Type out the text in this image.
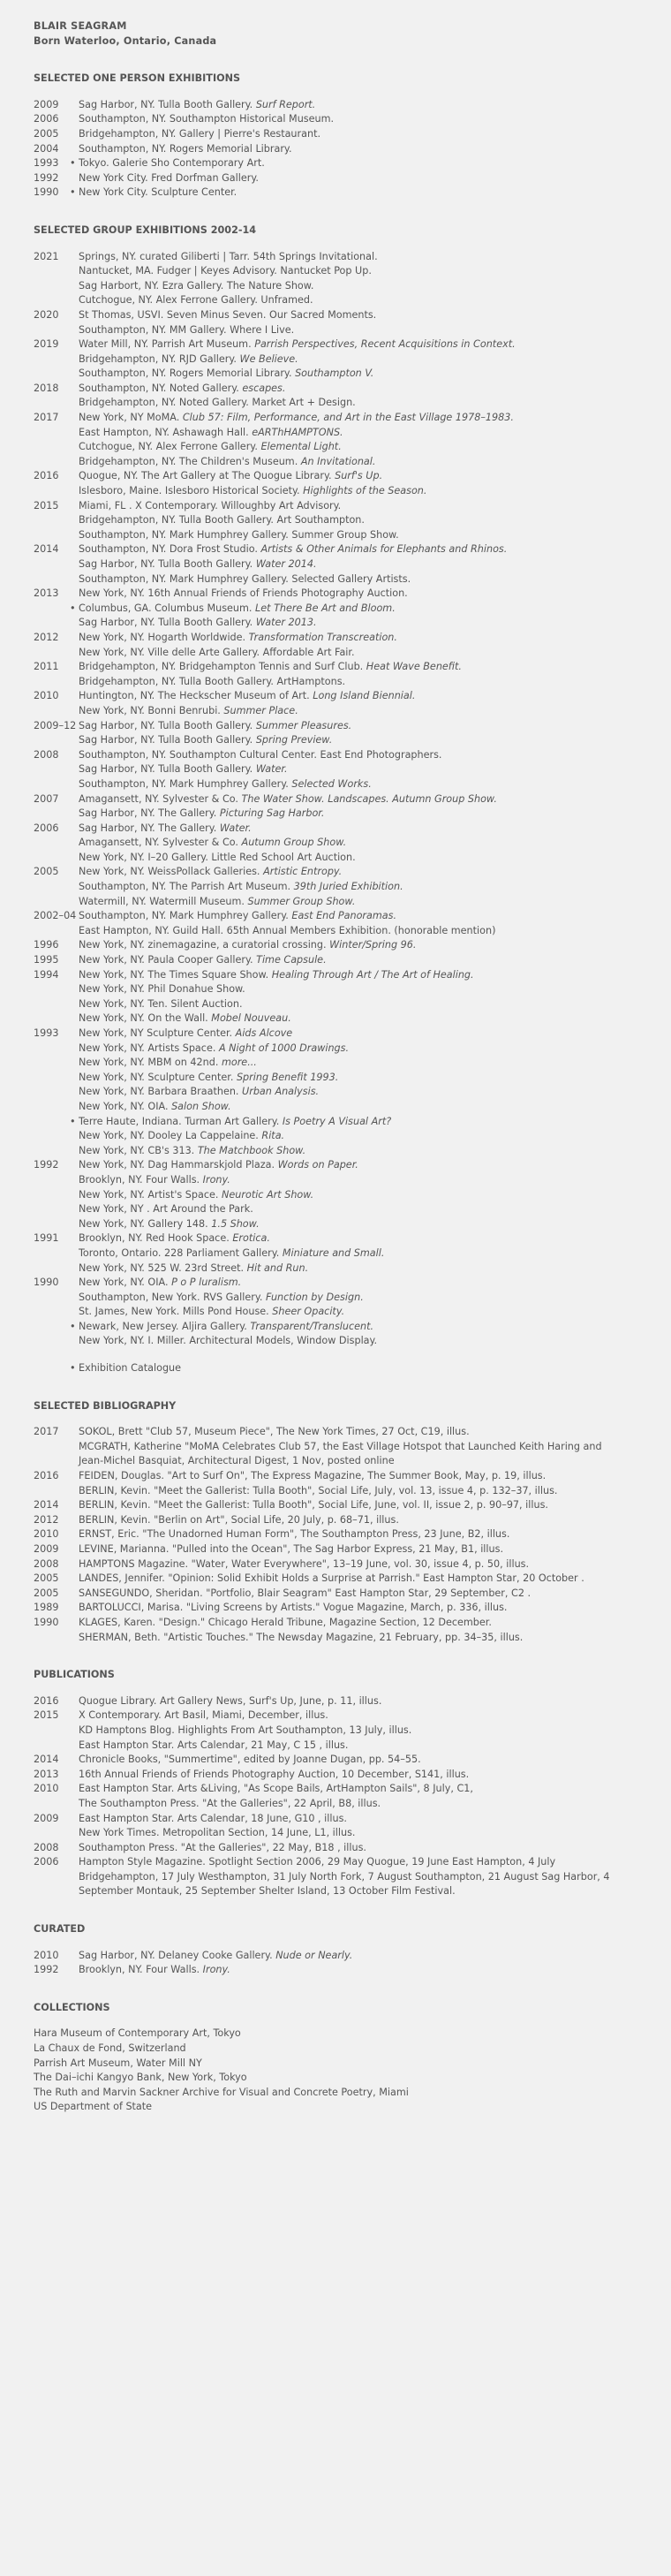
BLAIR SEAGRAM
Born Waterloo, Ontario, Canada
SELECTED ONE PERSON EXHIBITIONS
2009	Sag Harbor, NY. Tulla Booth Gallery. Surf Report.
2006	Southampton, NY. Southampton Historical Museum.
2005	Bridgehampton, NY. Gallery | Pierre's Restaurant.
2004	Southampton, NY. Rogers Memorial Library.
1993 • Tokyo. Galerie Sho Contemporary Art.
1992	New York City. Fred Dorfman Gallery.
1990 • New York City. Sculpture Center.
SELECTED GROUP EXHIBITIONS 2002-14
2021	Springs, NY. curated Giliberti | Tarr. 54th Springs Invitational.
Nantucket, MA. Fudger | Keyes Advisory. Nantucket Pop Up.
Sag Harbort, NY. Ezra Gallery. The Nature Show.
Cutchogue, NY. Alex Ferrone Gallery. Unframed.
2020	St Thomas, USVI. Seven Minus Seven. Our Sacred Moments.
Southampton, NY. MM Gallery. Where I Live.
2019	Water Mill, NY. Parrish Art Museum. Parrish Perspectives, Recent Acquisitions in Context.
Bridgehampton, NY. RJD Gallery. We Believe.
Southampton, NY. Rogers Memorial Library. Southampton V.
2018	Southampton, NY. Noted Gallery. escapes.
Bridgehampton, NY. Noted Gallery. Market Art + Design.
2017	New York, NY MoMA. Club 57: Film, Performance, and Art in the East Village 1978–1983.
East Hampton, NY. Ashawagh Hall. eARThHAMPTONS.
Cutchogue, NY. Alex Ferrone Gallery. Elemental Light.
Bridgehampton, NY. The Children's Museum. An Invitational.
2016	Quogue, NY. The Art Gallery at The Quogue Library. Surf's Up.
Islesboro, Maine. Islesboro Historical Society. Highlights of the Season.
2015	Miami, FL . X Contemporary. Willoughby Art Advisory.
Bridgehampton, NY. Tulla Booth Gallery. Art Southampton.
Southampton, NY. Mark Humphrey Gallery. Summer Group Show.
2014	Southampton, NY. Dora Frost Studio. Artists & Other Animals for Elephants and Rhinos.
Sag Harbor, NY. Tulla Booth Gallery. Water 2014.
Southampton, NY. Mark Humphrey Gallery. Selected Gallery Artists.
2013	New York, NY. 16th Annual Friends of Friends Photography Auction.
• Columbus, GA. Columbus Museum. Let There Be Art and Bloom.
Sag Harbor, NY. Tulla Booth Gallery. Water 2013.
2012	New York, NY. Hogarth Worldwide. Transformation Transcreation.
New York, NY. Ville delle Arte Gallery. Affordable Art Fair.
2011	Bridgehampton, NY. Bridgehampton Tennis and Surf Club. Heat Wave Benefit.
Bridgehampton, NY. Tulla Booth Gallery. ArtHamptons.
2010	Huntington, NY. The Heckscher Museum of Art. Long Island Biennial.
New York, NY. Bonni Benrubi. Summer Place.
2009–12 Sag Harbor, NY. Tulla Booth Gallery. Summer Pleasures.
Sag Harbor, NY. Tulla Booth Gallery. Spring Preview.
2008	Southampton, NY. Southampton Cultural Center. East End Photographers.
Sag Harbor, NY. Tulla Booth Gallery. Water.
Southampton, NY. Mark Humphrey Gallery. Selected Works.
2007	Amagansett, NY. Sylvester & Co. The Water Show. Landscapes. Autumn Group Show.
Sag Harbor, NY. The Gallery. Picturing Sag Harbor.
2006	Sag Harbor, NY. The Gallery. Water.
Amagansett, NY. Sylvester & Co. Autumn Group Show.
New York, NY. I–20 Gallery. Little Red School Art Auction.
2005	New York, NY. WeissPollack Galleries. Artistic Entropy.
Southampton, NY. The Parrish Art Museum. 39th Juried Exhibition.
Watermill, NY. Watermill Museum. Summer Group Show.
2002–04 Southampton, NY. Mark Humphrey Gallery. East End Panoramas.
East Hampton, NY. Guild Hall. 65th Annual Members Exhibition. (honorable mention)
1996	New York, NY. zinemagazine, a curatorial crossing. Winter/Spring 96.
1995	New York, NY. Paula Cooper Gallery. Time Capsule.
1994	New York, NY. The Times Square Show. Healing Through Art / The Art of Healing.
New York, NY. Phil Donahue Show.
New York, NY. Ten. Silent Auction.
New York, NY. On the Wall. Mobel Nouveau.
1993	New York, NY Sculpture Center. Aids Alcove
New York, NY. Artists Space. A Night of 1000 Drawings.
New York, NY. MBM on 42nd. more...
New York, NY. Sculpture Center. Spring Benefit 1993.
New York, NY. Barbara Braathen. Urban Analysis.
New York, NY. OIA. Salon Show.
• Terre Haute, Indiana. Turman Art Gallery. Is Poetry A Visual Art?
New York, NY. Dooley La Cappelaine. Rita.
New York, NY. CB's 313. The Matchbook Show.
1992	New York, NY. Dag Hammarskjold Plaza. Words on Paper.
Brooklyn, NY. Four Walls. Irony.
New York, NY. Artist's Space. Neurotic Art Show.
New York, NY . Art Around the Park.
New York, NY. Gallery 148. 1.5 Show.
1991	Brooklyn, NY. Red Hook Space. Erotica.
Toronto, Ontario. 228 Parliament Gallery. Miniature and Small.
New York, NY. 525 W. 23rd Street. Hit and Run.
1990	New York, NY. OIA. P o P luralism.
Southampton, New York. RVS Gallery. Function by Design.
St. James, New York. Mills Pond House. Sheer Opacity.
• Newark, New Jersey. Aljira Gallery. Transparent/Translucent.
New York, NY. I. Miller. Architectural Models, Window Display.
• Exhibition Catalogue
SELECTED BIBLIOGRAPHY
2017	SOKOL, Brett "Club 57, Museum Piece", The New York Times, 27 Oct, C19, illus.
MCGRATH, Katherine "MoMA Celebrates Club 57, the East Village Hotspot that Launched Keith Haring and Jean-Michel Basquiat, Architectural Digest, 1 Nov, posted online
2016	FEIDEN, Douglas. "Art to Surf On", The Express Magazine, The Summer Book, May, p. 19, illus.
BERLIN, Kevin. "Meet the Gallerist: Tulla Booth", Social Life, July, vol. 13, issue 4, p. 132–37, illus.
2014	BERLIN, Kevin. "Meet the Gallerist: Tulla Booth", Social Life, June, vol. II, issue 2, p. 90–97, illus.
2012	BERLIN, Kevin. "Berlin on Art", Social Life, 20 July, p. 68–71, illus.
2010	ERNST, Eric. "The Unadorned Human Form", The Southampton Press, 23 June, B2, illus.
2009	LEVINE, Marianna. "Pulled into the Ocean", The Sag Harbor Express, 21 May, B1, illus.
2008	HAMPTONS Magazine. "Water, Water Everywhere", 13–19 June, vol. 30, issue 4, p. 50, illus.
2005	LANDES, Jennifer. "Opinion: Solid Exhibit Holds a Surprise at Parrish." East Hampton Star, 20 October .
2005	SANSEGUNDO, Sheridan. "Portfolio, Blair Seagram" East Hampton Star, 29 September, C2 .
1989	BARTOLUCCI, Marisa. "Living Screens by Artists." Vogue Magazine, March, p. 336, illus.
1990	KLAGES, Karen. "Design." Chicago Herald Tribune, Magazine Section, 12 December.
SHERMAN, Beth. "Artistic Touches." The Newsday Magazine, 21 February, pp. 34–35, illus.
PUBLICATIONS
2016	Quogue Library. Art Gallery News, Surf's Up, June, p. 11, illus.
2015	X Contemporary. Art Basil, Miami, December, illus.
KD Hamptons Blog. Highlights From Art Southampton, 13 July, illus.
East Hampton Star. Arts Calendar, 21 May, C 15 , illus.
2014	Chronicle Books, "Summertime", edited by Joanne Dugan, pp. 54–55.
2013	16th Annual Friends of Friends Photography Auction, 10 December, S141, illus.
2010	East Hampton Star. Arts &Living, "As Scope Bails, ArtHampton Sails", 8 July, C1,
The Southampton Press. "At the Galleries", 22 April, B8, illus.
2009	East Hampton Star. Arts Calendar, 18 June, G10 , illus.
New York Times. Metropolitan Section, 14 June, L1, illus.
2008	Southampton Press. "At the Galleries", 22 May, B18 , illus.
2006	Hampton Style Magazine. Spotlight Section 2006, 29 May Quogue, 19 June East Hampton, 4 July Bridgehampton, 17 July Westhampton, 31 July North Fork, 7 August Southampton, 21 August Sag Harbor, 4 September Montauk, 25 September Shelter Island, 13 October Film Festival.
CURATED
2010	Sag Harbor, NY. Delaney Cooke Gallery. Nude or Nearly.
1992	Brooklyn, NY. Four Walls. Irony.
COLLECTIONS
Hara Museum of Contemporary Art, Tokyo
La Chaux de Fond, Switzerland
Parrish Art Museum, Water Mill NY
The Dai–ichi Kangyo Bank, New York, Tokyo
The Ruth and Marvin Sackner Archive for Visual and Concrete Poetry, Miami
US Department of State
